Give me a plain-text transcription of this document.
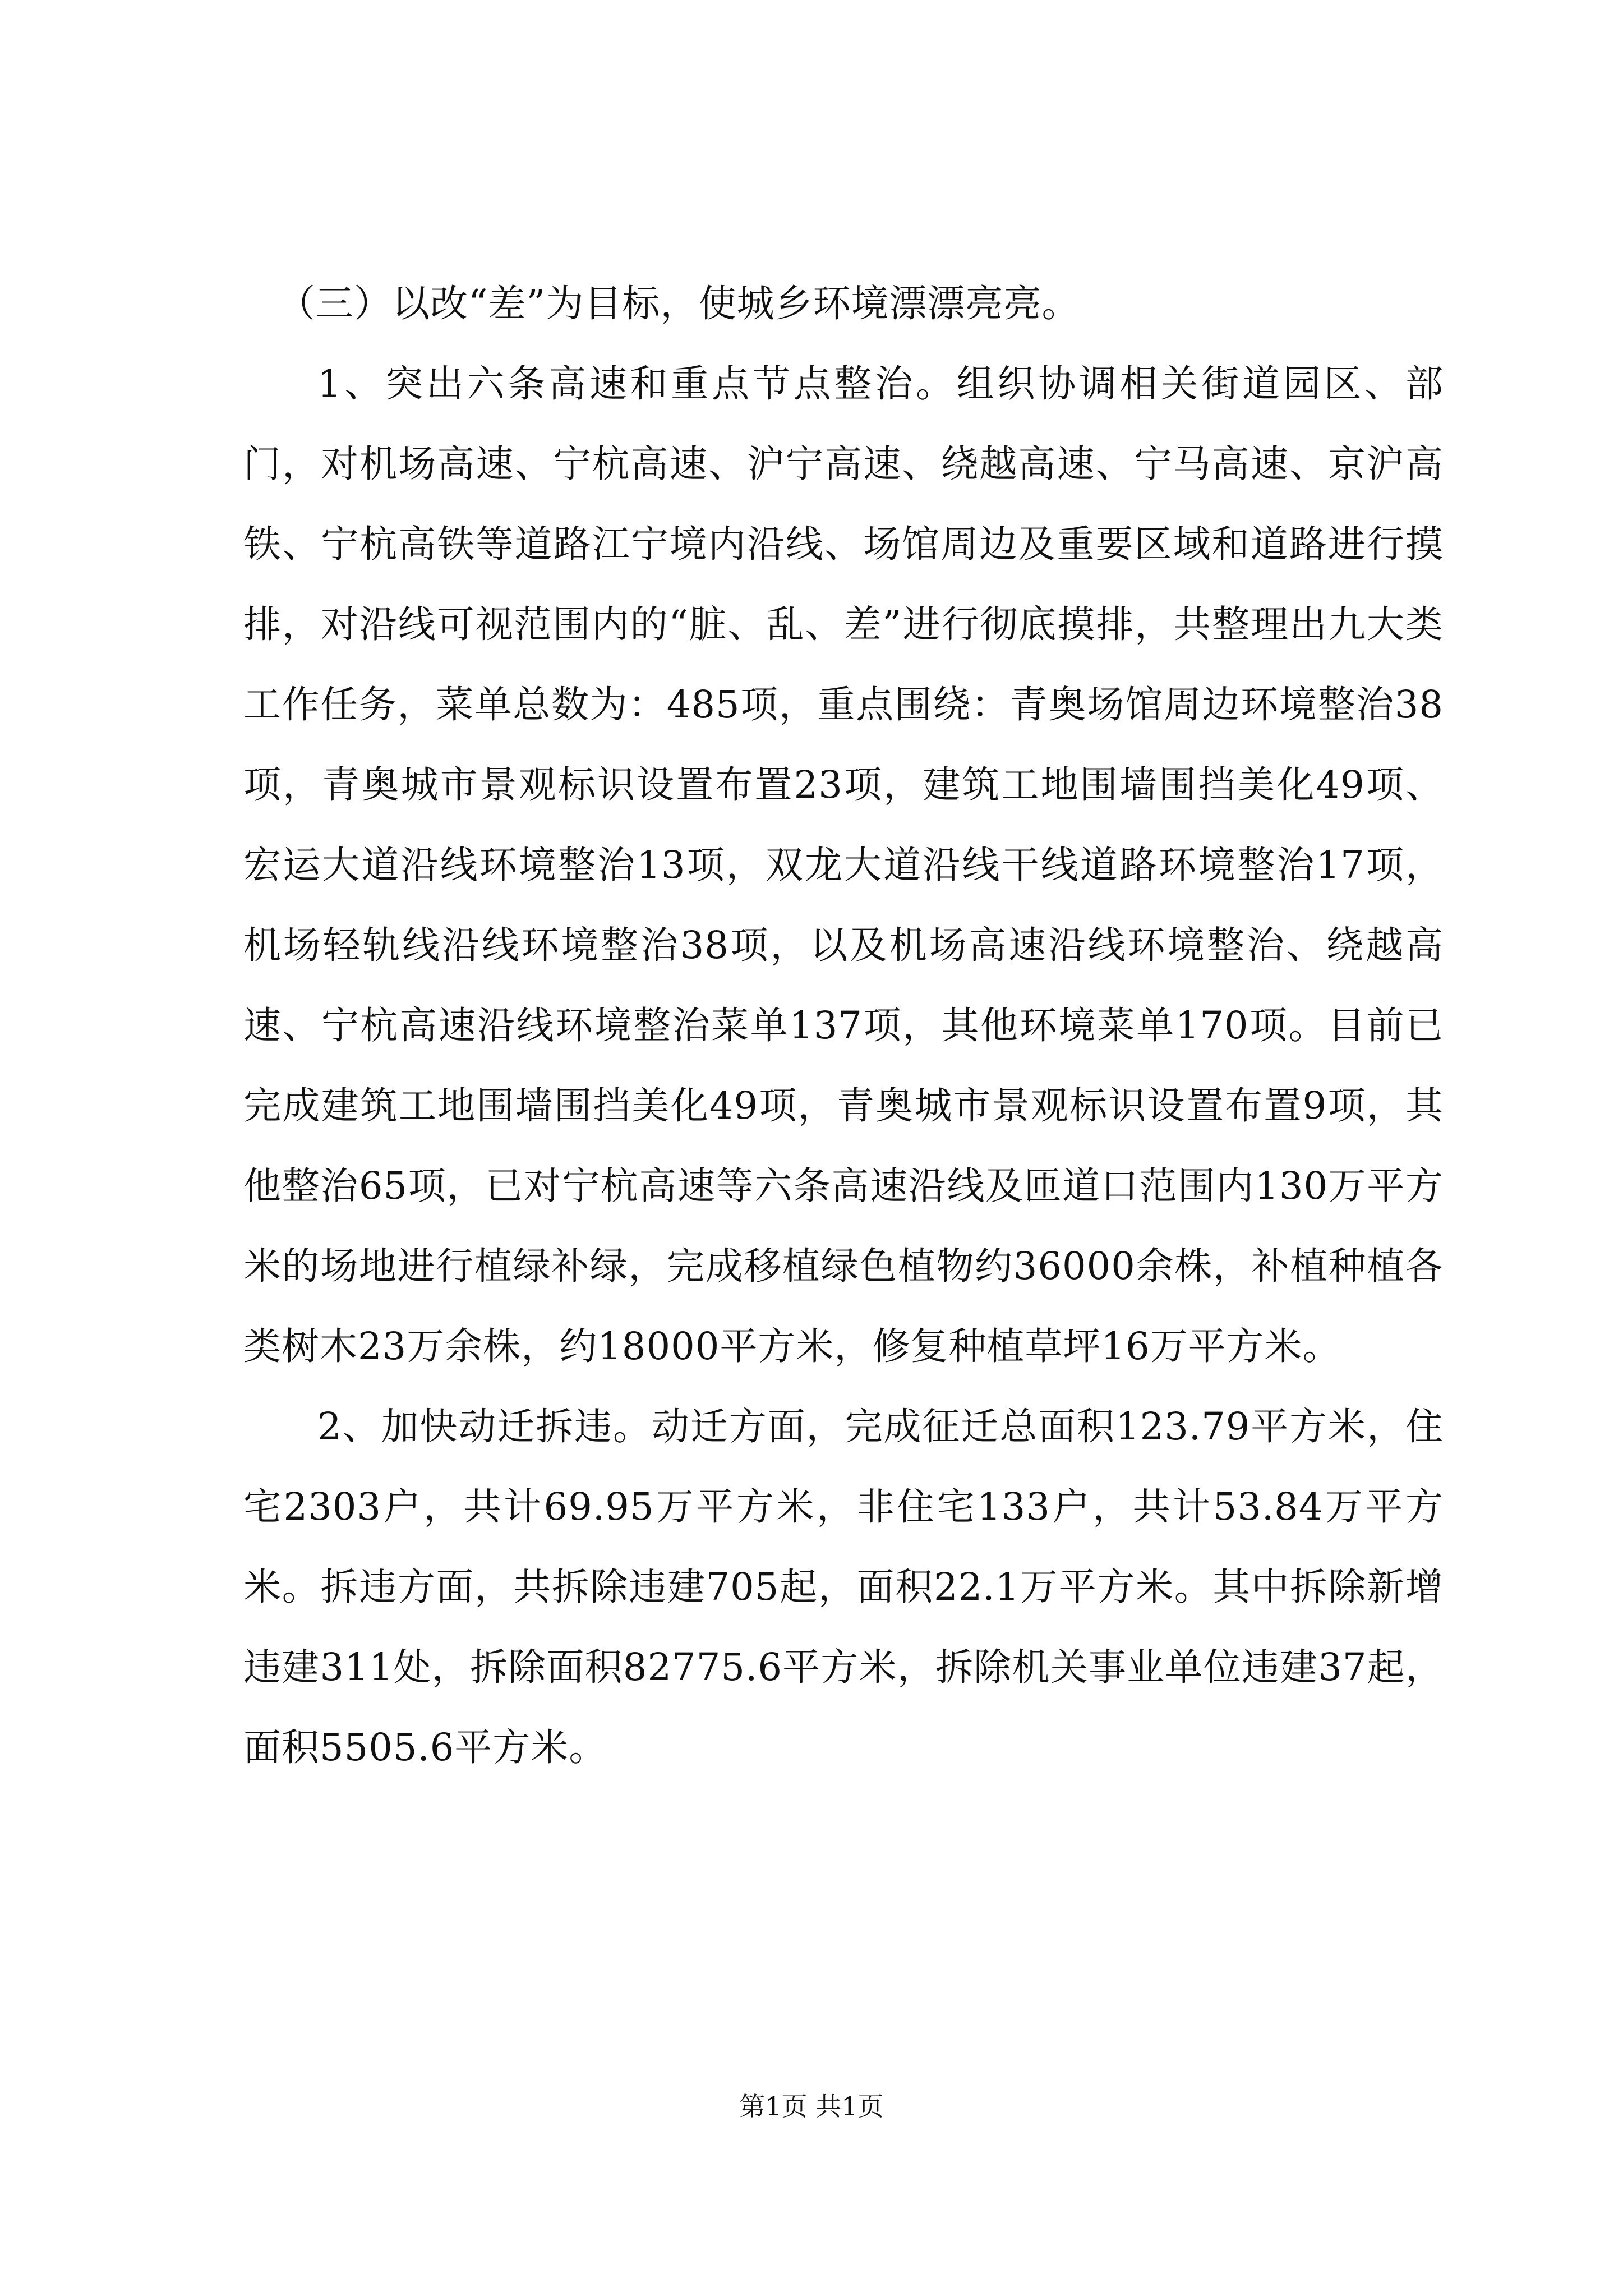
（三）以改“差”为目标，使城乡环境漂漂亮亮。

1、突出六条高速和重点节点整治。组织协调相关街道园区、部门，对机场高速、宁杭高速、沪宁高速、绕越高速、宁马高速、京沪高铁、宁杭高铁等道路江宁境内沿线、场馆周边及重要区域和道路进行摸排，对沿线可视范围内的“脏、乱、差”进行彻底摸排，共整理出九大类工作任务，菜单总数为：485项，重点围绕：青奥场馆周边环境整治38项，青奥城市景观标识设置布置23项，建筑工地围墙围挡美化49项、宏运大道沿线环境整治13项，双龙大道沿线干线道路环境整治17项，机场轻轨线沿线环境整治38项，以及机场高速沿线环境整治、绕越高速、宁杭高速沿线环境整治菜单137项，其他环境菜单170项。目前已完成建筑工地围墙围挡美化49项，青奥城市景观标识设置布置9项，其他整治65项，已对宁杭高速等六条高速沿线及匝道口范围内130万平方米的场地进行植绿补绿，完成移植绿色植物约36000余株，补植种植各类树木23万余株，约18000平方米，修复种植草坪16万平方米。

2、加快动迁拆违。动迁方面，完成征迁总面积123.79平方米，住宅2303户，共计69.95万平方米，非住宅133户，共计53.84万平方米。拆违方面，共拆除违建705起，面积22.1万平方米。其中拆除新增违建311处，拆除面积82775.6平方米，拆除机关事业单位违建37起，面积5505.6平方米。

第1页 共1页
